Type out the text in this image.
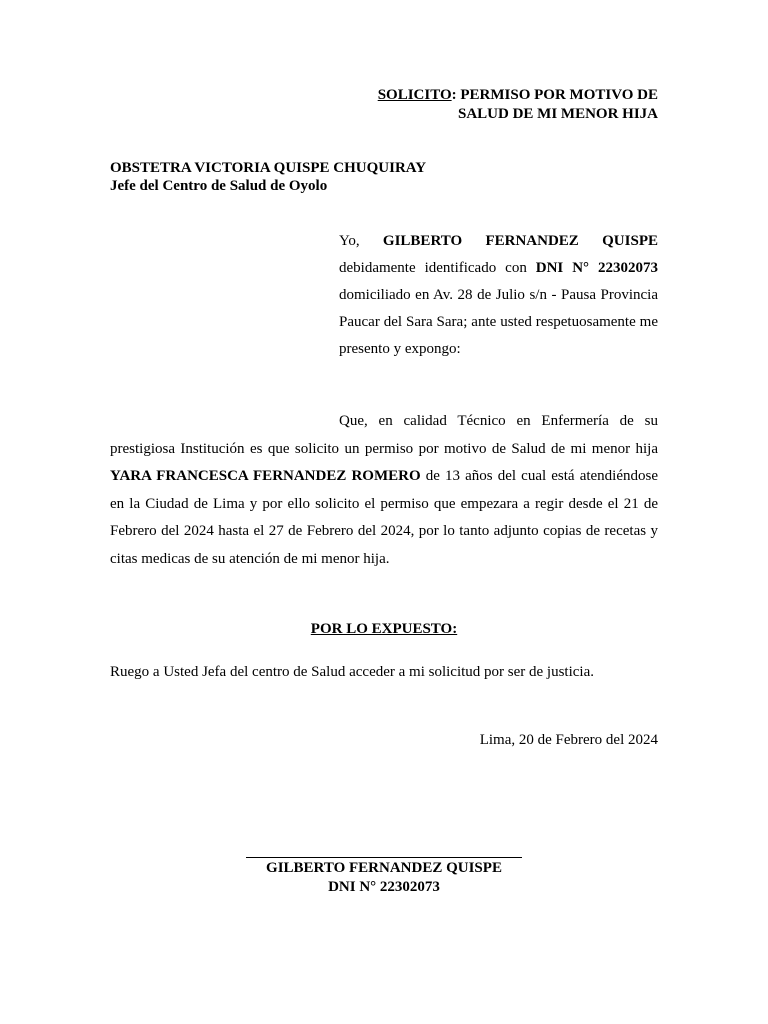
SOLICITO: PERMISO POR MOTIVO DE
SALUD DE MI MENOR HIJA
OBSTETRA VICTORIA QUISPE CHUQUIRAY
Jefe del Centro de Salud de Oyolo
Yo, GILBERTO FERNANDEZ QUISPE debidamente identificado con DNI N° 22302073 domiciliado en Av. 28 de Julio s/n - Pausa Provincia Paucar del Sara Sara; ante usted respetuosamente me presento y expongo:
Que, en calidad Técnico en Enfermería de su prestigiosa Institución es que solicito un permiso por motivo de Salud de mi menor hija YARA FRANCESCA FERNANDEZ ROMERO de 13 años del cual está atendiéndose en la Ciudad de Lima y por ello solicito el permiso que empezara a regir desde el 21 de Febrero del 2024 hasta el 27 de Febrero del 2024, por lo tanto adjunto copias de recetas y citas medicas de su atención de mi menor hija.
POR LO EXPUESTO:
Ruego a Usted Jefa del centro de Salud acceder a mi solicitud por ser de justicia.
Lima, 20 de Febrero del 2024
GILBERTO FERNANDEZ QUISPE
DNI N° 22302073
